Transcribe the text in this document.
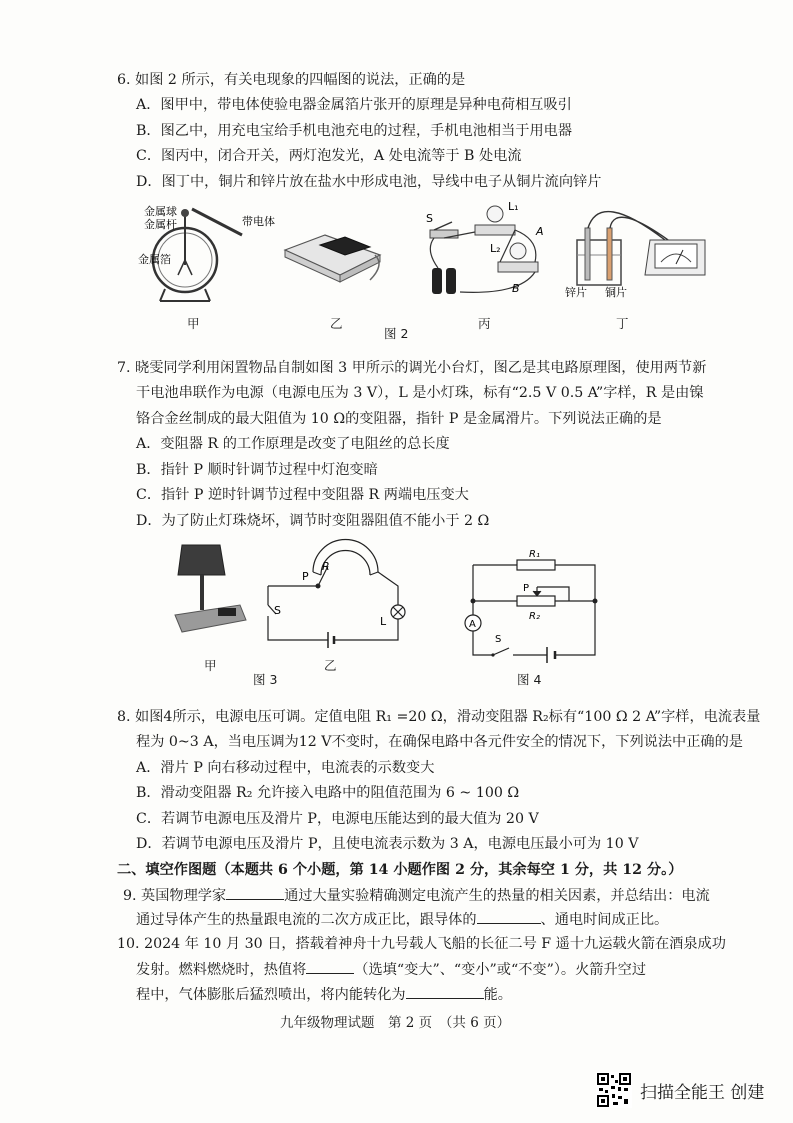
6. 如图 2 所示，有关电现象的四幅图的说法，正确的是
A．图甲中，带电体使验电器金属箔片张开的原理是异种电荷相互吸引
B．图乙中，用充电宝给手机电池充电的过程，手机电池相当于用电器
C．图丙中，闭合开关，两灯泡发光，A 处电流等于 B 处电流
D．图丁中，铜片和锌片放在盐水中形成电池，导线中电子从铜片流向锌片
金属球
金属杆
金属箔
带电体	S
L₁
L₂
A
B	锌片 铜片
甲	乙
图 2
丙	丁
7. 晓雯同学利用闲置物品自制如图 3 甲所示的调光小台灯，图乙是其电路原理图，使用两节新
干电池串联作为电源（电源电压为 3 V），L 是小灯珠，标有“2.5 V 0.5 A”字样，R 是由镍
铬合金丝制成的最大阻值为 10 Ω的变阻器，指针 P 是金属滑片。下列说法正确的是
A．变阻器 R 的工作原理是改变了电阻丝的总长度
B．指针 P 顺时针调节过程中灯泡变暗
C．指针 P 逆时针调节过程中变阻器 R 两端电压变大
D．为了防止灯珠烧坏，调节时变阻器阻值不能小于 2 Ω
P
R
S
L
甲	乙
图 3
R₁
P
R₂
A
S
图 4
8. 如图4所示，电源电压可调。定值电阻 R₁ =20 Ω，滑动变阻器 R₂标有“100 Ω 2 A”字样，电流表量
程为 0~3 A，当电压调为12 V不变时，在确保电路中各元件安全的情况下，下列说法中正确的是
A．滑片 P 向右移动过程中，电流表的示数变大
B．滑动变阻器 R₂ 允许接入电路中的阻值范围为 6 ~ 100 Ω
C．若调节电源电压及滑片 P，电源电压能达到的最大值为 20 V
D．若调节电源电压及滑片 P，且使电流表示数为 3 A，电源电压最小可为 10 V
二、填空作图题（本题共 6 个小题，第 14 小题作图 2 分，其余每空 1 分，共 12 分。）
9. 英国物理学家	通过大量实验精确测定电流产生的热量的相关因素，并总结出：电流
通过导体产生的热量跟电流的二次方成正比，跟导体的	、通电时间成正比。
10. 2024 年 10 月 30 日，搭载着神舟十九号载人飞船的长征二号 F 遥十九运载火箭在酒泉成功
发射。燃料燃烧时，热值将	（选填“变大”、“变小”或“不变”）。火箭升空过
程中，气体膨胀后猛烈喷出，将内能转化为	能。
九年级物理试题　第 2 页　（共 6 页）
扫描全能王 创建
